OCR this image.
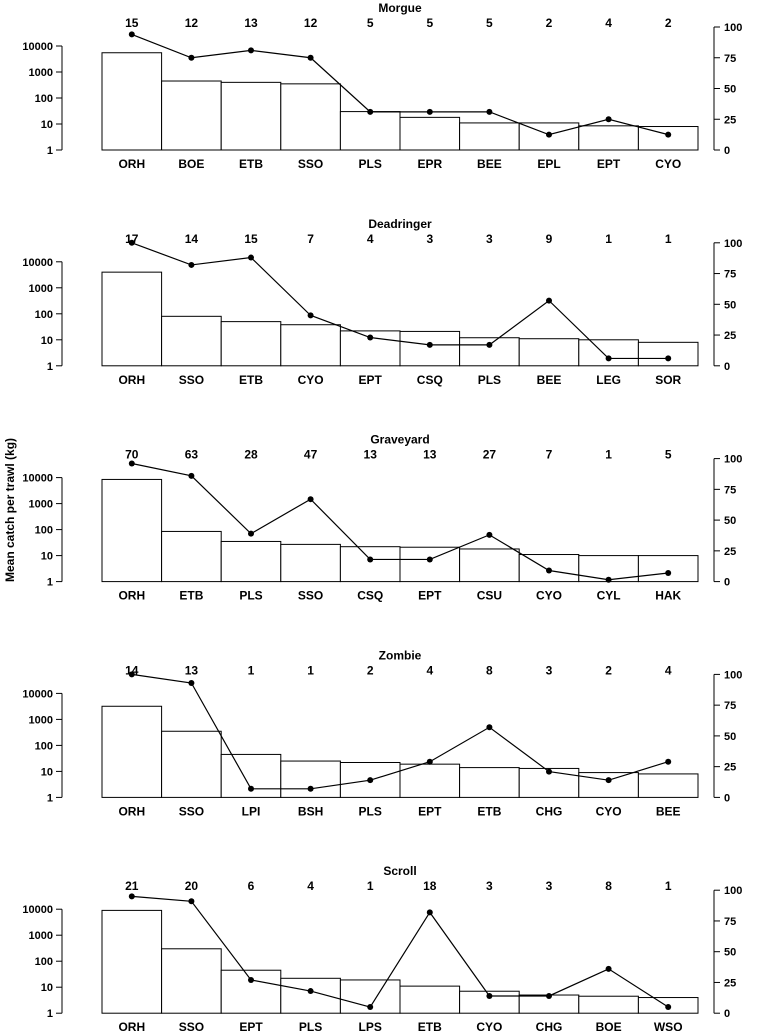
Mean catch per trawl (kg)
Morgue
1
10
100
1000
10000
0
25
50
75
100
ORH
15
BOE
12
ETB
13
SSO
12
PLS
5
EPR
5
BEE
5
EPL
2
EPT
4
CYO
2
Deadringer
1
10
100
1000
10000
0
25
50
75
100
ORH
17
SSO
14
ETB
15
CYO
7
EPT
4
CSQ
3
PLS
3
BEE
9
LEG
1
SOR
1
Graveyard
1
10
100
1000
10000
0
25
50
75
100
ORH
70
ETB
63
PLS
28
SSO
47
CSQ
13
EPT
13
CSU
27
CYO
7
CYL
1
HAK
5
Zombie
1
10
100
1000
10000
0
25
50
75
100
ORH
14
SSO
13
LPI
1
BSH
1
PLS
2
EPT
4
ETB
8
CHG
3
CYO
2
BEE
4
Scroll
1
10
100
1000
10000
0
25
50
75
100
ORH
21
SSO
20
EPT
6
PLS
4
LPS
1
ETB
18
CYO
3
CHG
3
BOE
8
WSQ
1
